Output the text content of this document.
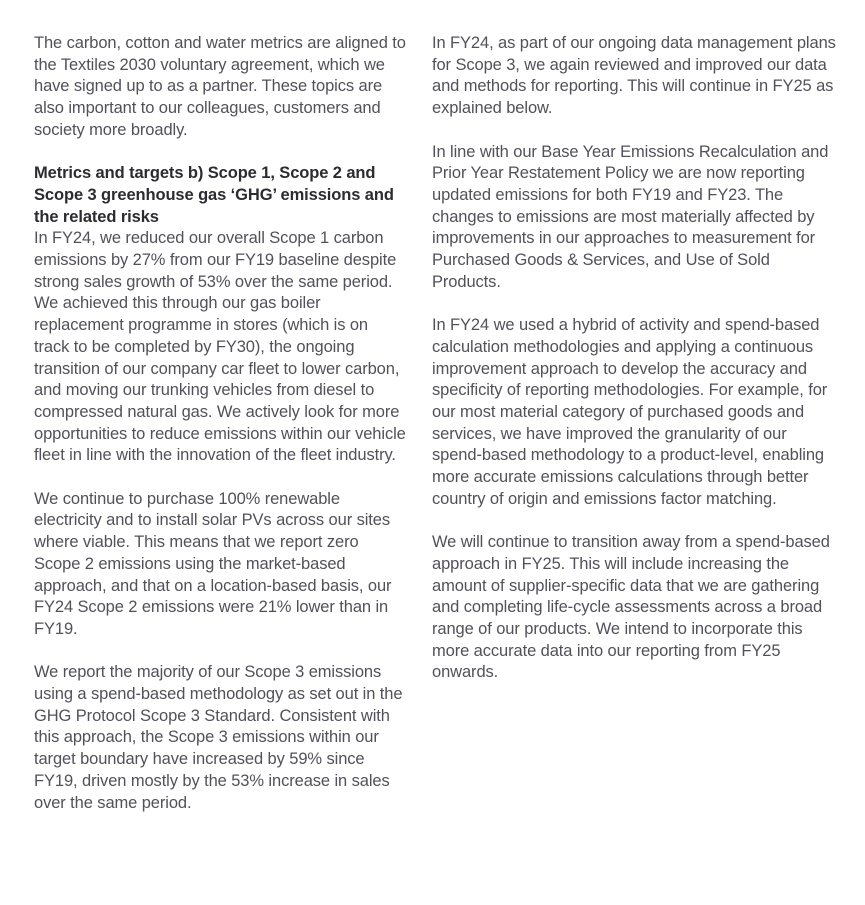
The carbon, cotton and water metrics are aligned to the Textiles 2030 voluntary agreement, which we have signed up to as a partner. These topics are also important to our colleagues, customers and society more broadly.

Metrics and targets b) Scope 1, Scope 2 and Scope 3 greenhouse gas ‘GHG’ emissions and the related risks

In FY24, we reduced our overall Scope 1 carbon emissions by 27% from our FY19 baseline despite strong sales growth of 53% over the same period. We achieved this through our gas boiler replacement programme in stores (which is on track to be completed by FY30), the ongoing transition of our company car fleet to lower carbon, and moving our trunking vehicles from diesel to compressed natural gas. We actively look for more opportunities to reduce emissions within our vehicle fleet in line with the innovation of the fleet industry.

We continue to purchase 100% renewable electricity and to install solar PVs across our sites where viable. This means that we report zero Scope 2 emissions using the market-based approach, and that on a location-based basis, our FY24 Scope 2 emissions were 21% lower than in FY19.

We report the majority of our Scope 3 emissions using a spend-based methodology as set out in the GHG Protocol Scope 3 Standard. Consistent with this approach, the Scope 3 emissions within our target boundary have increased by 59% since FY19, driven mostly by the 53% increase in sales over the same period.

In FY24, as part of our ongoing data management plans for Scope 3, we again reviewed and improved our data and methods for reporting. This will continue in FY25 as explained below.

In line with our Base Year Emissions Recalculation and Prior Year Restatement Policy we are now reporting updated emissions for both FY19 and FY23. The changes to emissions are most materially affected by improvements in our approaches to measurement for Purchased Goods & Services, and Use of Sold Products.

In FY24 we used a hybrid of activity and spend-based calculation methodologies and applying a continuous improvement approach to develop the accuracy and specificity of reporting methodologies. For example, for our most material category of purchased goods and services, we have improved the granularity of our spend-based methodology to a product-level, enabling more accurate emissions calculations through better country of origin and emissions factor matching.

We will continue to transition away from a spend-based approach in FY25. This will include increasing the amount of supplier-specific data that we are gathering and completing life-cycle assessments across a broad range of our products. We intend to incorporate this more accurate data into our reporting from FY25 onwards.
